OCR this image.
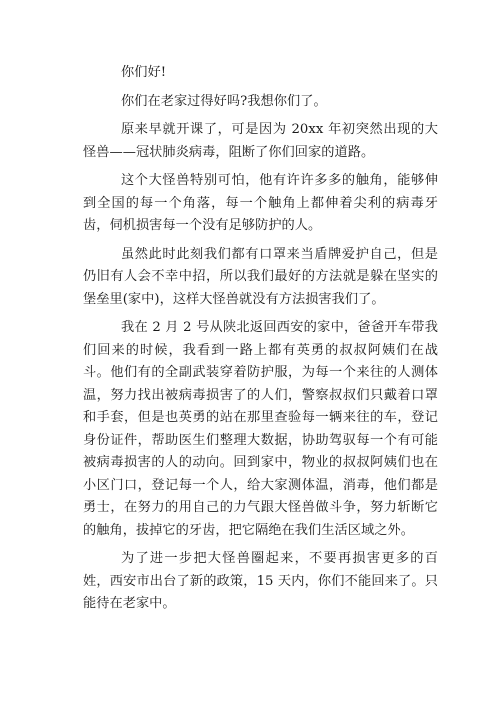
你们好!

你们在老家过得好吗?我想你们了。

原来早就开课了，可是因为 20xx 年初突然出现的大怪兽——冠状肺炎病毒，阻断了你们回家的道路。

这个大怪兽特别可怕，他有许许多多的触角，能够伸到全国的每一个角落，每一个触角上都伸着尖利的病毒牙齿，伺机损害每一个没有足够防护的人。

虽然此时此刻我们都有口罩来当盾牌爱护自己，但是仍旧有人会不幸中招，所以我们最好的方法就是躲在坚实的堡垒里(家中)，这样大怪兽就没有方法损害我们了。

我在 2 月 2 号从陕北返回西安的家中，爸爸开车带我们回来的时候，我看到一路上都有英勇的叔叔阿姨们在战斗。他们有的全副武装穿着防护服，为每一个来往的人测体温，努力找出被病毒损害了的人们，警察叔叔们只戴着口罩和手套，但是也英勇的站在那里查验每一辆来往的车，登记身份证件，帮助医生们整理大数据，协助驾驭每一个有可能被病毒损害的人的动向。回到家中，物业的叔叔阿姨们也在小区门口，登记每一个人，给大家测体温，消毒，他们都是勇士，在努力的用自己的力气跟大怪兽做斗争，努力斩断它的触角，拔掉它的牙齿，把它隔绝在我们生活区域之外。

为了进一步把大怪兽圈起来，不要再损害更多的百姓，西安市出台了新的政策，15 天内，你们不能回来了。只能待在老家中。
